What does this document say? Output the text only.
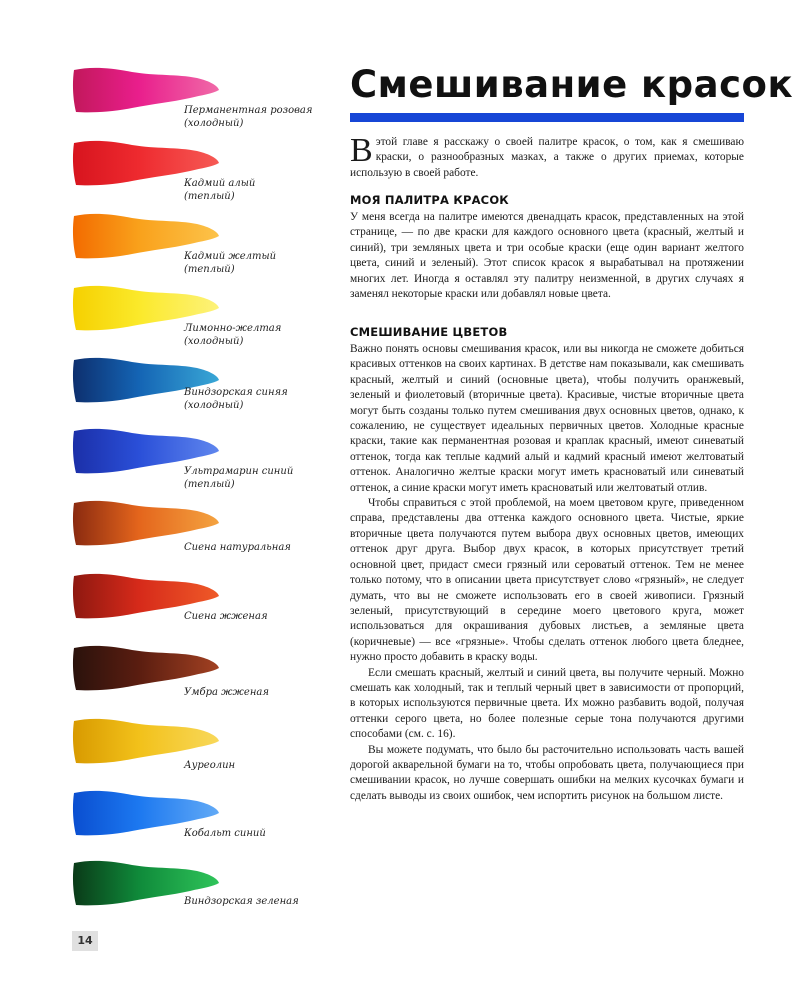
Перманентная розовая
(холодный)
Кадмий алый
(теплый)
Кадмий желтый
(теплый)
Лимонно-желтая
(холодный)
Виндзорская синяя
(холодный)
Ультрамарин синий
(теплый)
Сиена натуральная
Сиена жженая
Умбра жженая
Ауреолин
Кобальт синий
Виндзорская зеленая
Смешивание красок

В этой главе я расскажу о своей палитре красок, о том, как я смешиваю краски, о разнообразных мазках, а также о других приемах, которые использую в своей работе.

МОЯ ПАЛИТРА КРАСОК

У меня всегда на палитре имеются двенадцать красок, представленных на этой странице, — по две краски для каждого основного цвета (красный, желтый и синий), три земляных цвета и три особые краски (еще один вариант желтого цвета, синий и зеленый). Этот список красок я вырабатывал на протяжении многих лет. Иногда я оставлял эту палитру неизменной, в других случаях я заменял некоторые краски или добавлял новые цвета.

СМЕШИВАНИЕ ЦВЕТОВ

Важно понять основы смешивания красок, или вы никогда не сможете добиться красивых оттенков на своих картинах. В детстве нам показывали, как смешивать красный, желтый и синий (основные цвета), чтобы получить оранжевый, зеленый и фиолетовый (вторичные цвета). Красивые, чистые вторичные цвета могут быть созданы только путем смешивания двух основных цветов, однако, к сожалению, не существует идеальных первичных цветов. Холодные красные краски, такие как перманентная розовая и краплак красный, имеют синеватый оттенок, тогда как теплые кадмий алый и кадмий красный имеют желтоватый оттенок. Аналогично желтые краски могут иметь красноватый или синеватый оттенок, а синие краски могут иметь красноватый или желтоватый отлив.

Чтобы справиться с этой проблемой, на моем цветовом круге, приведенном справа, представлены два оттенка каждого основного цвета. Чистые, яркие вторичные цвета получаются путем выбора двух основных цветов, имеющих оттенок друг друга. Выбор двух красок, в которых присутствует третий основной цвет, придаст смеси грязный или сероватый оттенок. Тем не менее только потому, что в описании цвета присутствует слово «грязный», не следует думать, что вы не сможете использовать его в своей живописи. Грязный зеленый, присутствующий в середине моего цветового круга, может использоваться для окрашивания дубовых листьев, а земляные цвета (коричневые) — все «грязные». Чтобы сделать оттенок любого цвета бледнее, нужно просто добавить в краску воды.

Если смешать красный, желтый и синий цвета, вы получите черный. Можно смешать как холодный, так и теплый черный цвет в зависимости от пропорций, в которых используются первичные цвета. Их можно разбавить водой, получая оттенки серого цвета, но более полезные серые тона получаются другими способами (см. с. 16).

Вы можете подумать, что было бы расточительно использовать часть вашей дорогой акварельной бумаги на то, чтобы опробовать цвета, получающиеся при смешивании красок, но лучше совершать ошибки на мелких кусочках бумаги и сделать выводы из своих ошибок, чем испортить рисунок на большом листе.

14
